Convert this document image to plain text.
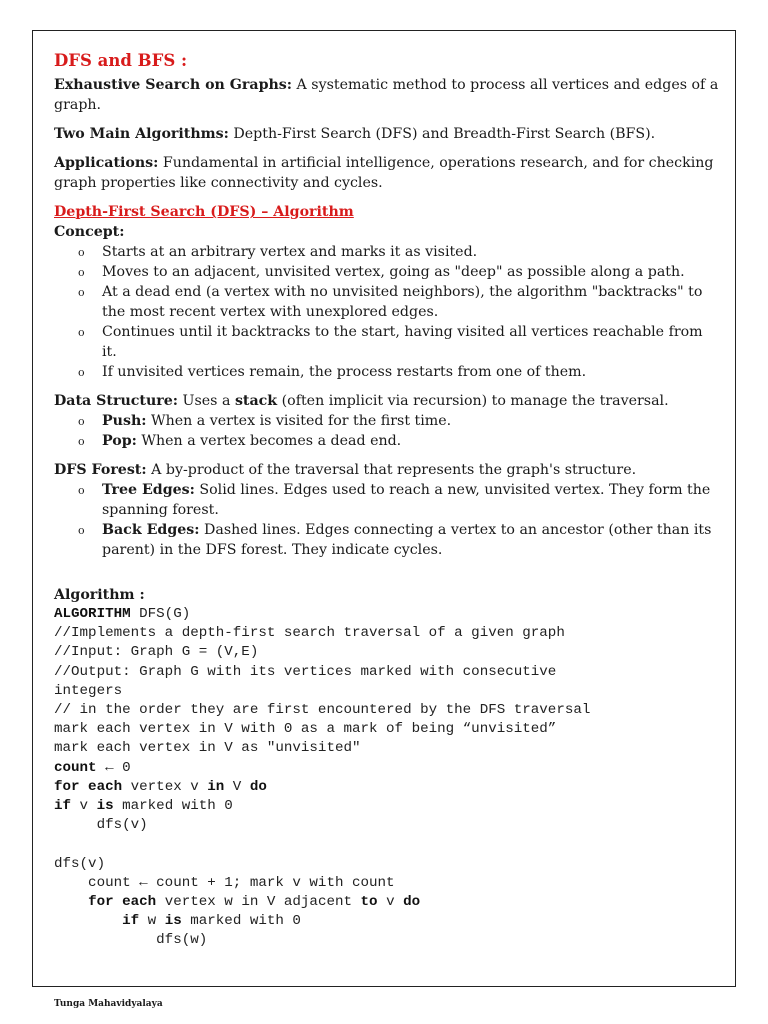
DFS and BFS :

Exhaustive Search on Graphs: A systematic method to process all vertices and edges of a graph.

Two Main Algorithms: Depth-First Search (DFS) and Breadth-First Search (BFS).

Applications: Fundamental in artificial intelligence, operations research, and for checking graph properties like connectivity and cycles.

Depth-First Search (DFS) – Algorithm
Concept:
o Starts at an arbitrary vertex and marks it as visited.
o Moves to an adjacent, unvisited vertex, going as "deep" as possible along a path.
o At a dead end (a vertex with no unvisited neighbors), the algorithm "backtracks" to the most recent vertex with unexplored edges.
o Continues until it backtracks to the start, having visited all vertices reachable from it.
o If unvisited vertices remain, the process restarts from one of them.

Data Structure: Uses a stack (often implicit via recursion) to manage the traversal.

o Push: When a vertex is visited for the first time.
o Pop: When a vertex becomes a dead end.

DFS Forest: A by-product of the traversal that represents the graph's structure.

o Tree Edges: Solid lines. Edges used to reach a new, unvisited vertex. They form the spanning forest.
o Back Edges: Dashed lines. Edges connecting a vertex to an ancestor (other than its parent) in the DFS forest. They indicate cycles.
Algorithm :
ALGORITHM DFS(G)
//Implements a depth-first search traversal of a given graph
//Input: Graph G = (V,E)
//Output: Graph G with its vertices marked with consecutive
integers
// in the order they are first encountered by the DFS traversal
mark each vertex in V with 0 as a mark of being “unvisited”
mark each vertex in V as "unvisited"
count ← 0
for each vertex v in V do
if v is marked with 0
dfs(v)

dfs(v)
count ← count + 1; mark v with count
for each vertex w in V adjacent to v do
if w is marked with 0
dfs(w)
Tunga Mahavidyalaya
